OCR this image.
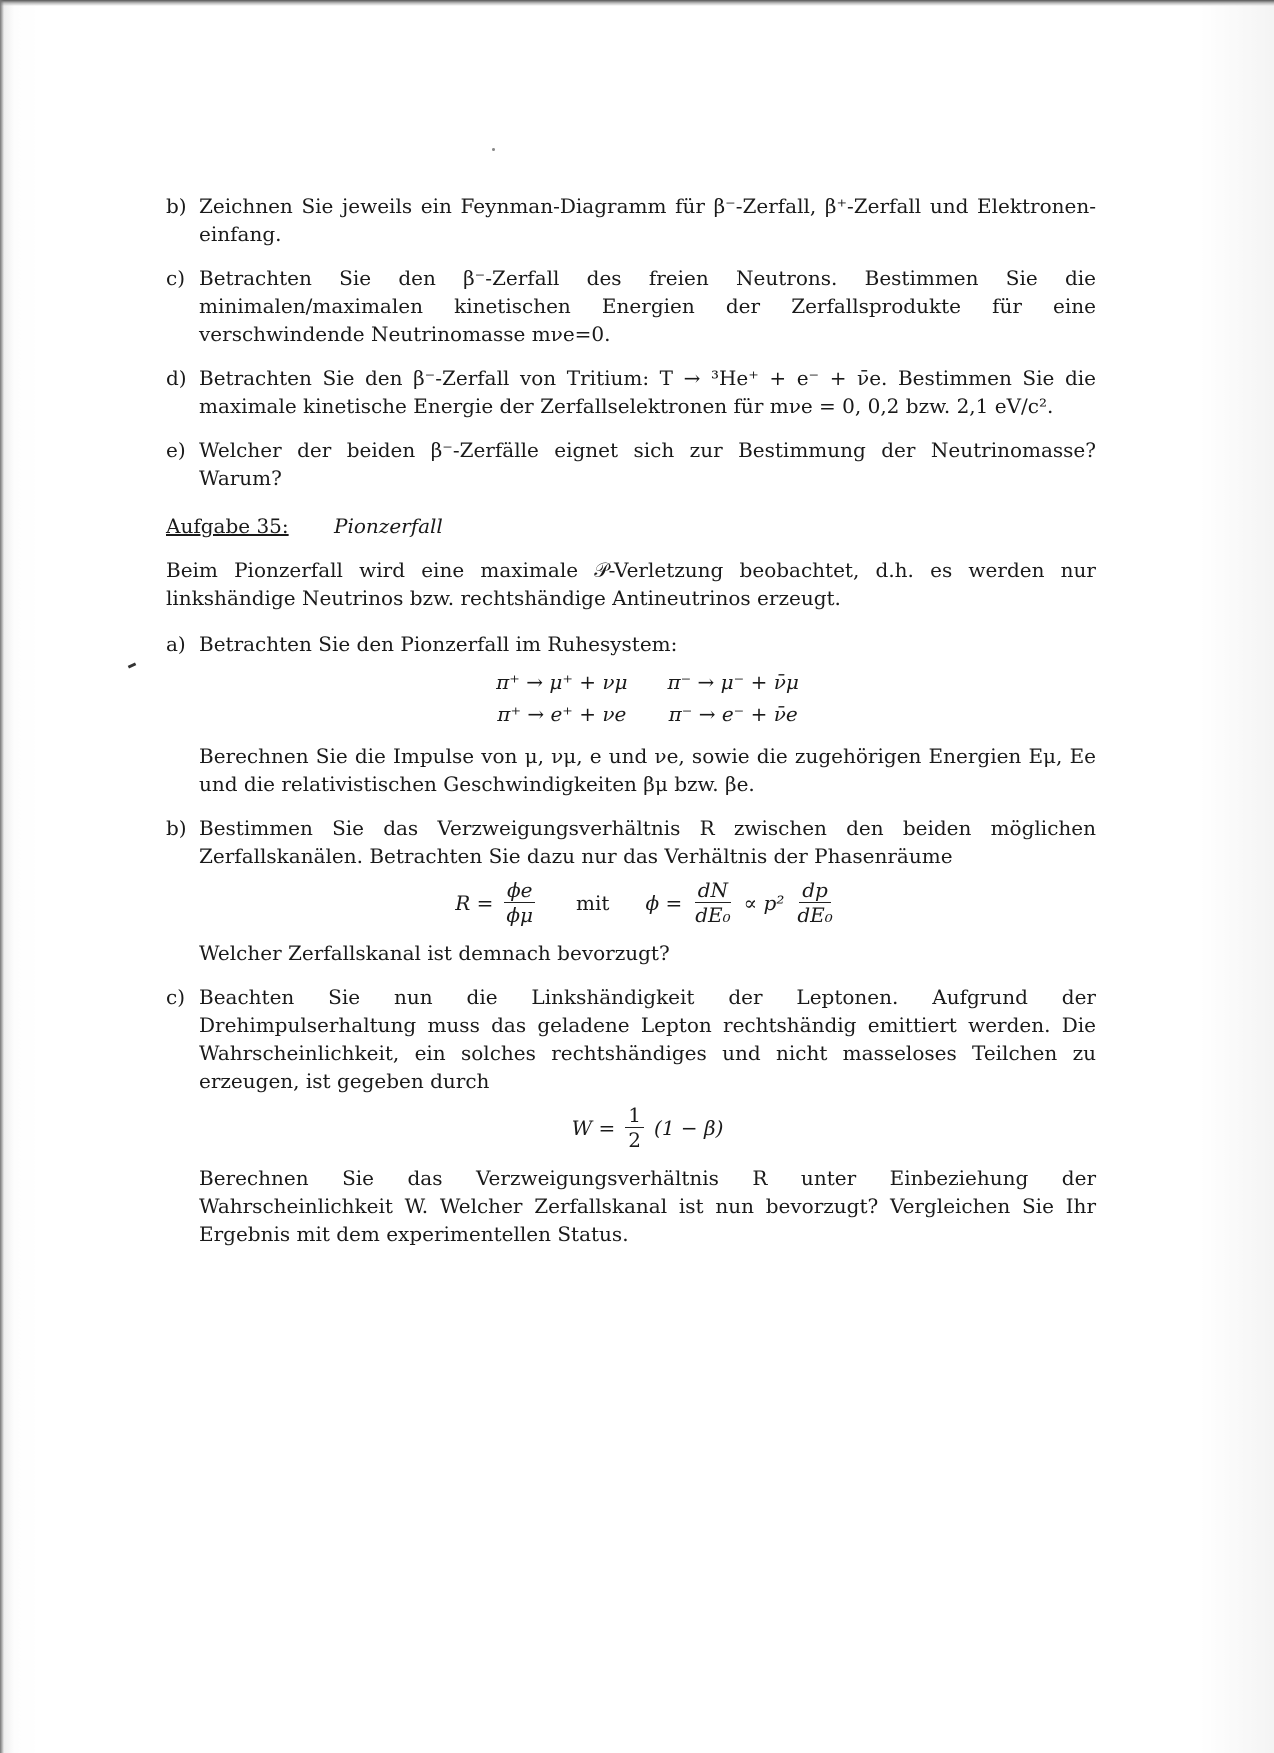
b) Zeichnen Sie jeweils ein Feynman-Diagramm für β⁻-Zerfall, β⁺-Zerfall und Elektronen-einfang.
c) Betrachten Sie den β⁻-Zerfall des freien Neutrons. Bestimmen Sie die minimalen/maximalen kinetischen Energien der Zerfallsprodukte für eine verschwindende Neutrinomasse mνe=0.
d) Betrachten Sie den β⁻-Zerfall von Tritium: T → ³He⁺ + e⁻ + ν̄e. Bestimmen Sie die maximale kinetische Energie der Zerfallselektronen für mνe = 0, 0,2 bzw. 2,1 eV/c².
e) Welcher der beiden β⁻-Zerfälle eignet sich zur Bestimmung der Neutrinomasse? Warum?
Aufgabe 35:	Pionzerfall
Beim Pionzerfall wird eine maximale 𝒫-Verletzung beobachtet, d.h. es werden nur linkshändige Neutrinos bzw. rechtshändige Antineutrinos erzeugt.
a) Betrachten Sie den Pionzerfall im Ruhesystem:
π⁺ → μ⁺ + νμ π⁻ → μ⁻ + ν̄μ
π⁺ → e⁺ + νe π⁻ → e⁻ + ν̄e
Berechnen Sie die Impulse von μ, νμ, e und νe, sowie die zugehörigen Energien Eμ, Ee und die relativistischen Geschwindigkeiten βμ bzw. βe.
b) Bestimmen Sie das Verzweigungsverhältnis R zwischen den beiden möglichen Zerfallskanälen. Betrachten Sie dazu nur das Verhältnis der Phasenräume
$R = \frac{\phi e}{\phi\mu}$ mit $\phi = \frac{dN}{\text{dE₀}} \propto p^2 \frac{dp}{\text{dE₀}}$
Welcher Zerfallskanal ist demnach bevorzugt?
c) Beachten Sie nun die Linkshändigkeit der Leptonen. Aufgrund der Drehimpulserhaltung muss das geladene Lepton rechtshändig emittiert werden. Die Wahrscheinlichkeit, ein solches rechtshändiges und nicht masseloses Teilchen zu erzeugen, ist gegeben durch
$W = \frac{1}{2} (1 - \beta)$
Berechnen Sie das Verzweigungsverhältnis R unter Einbeziehung der Wahrscheinlichkeit W. Welcher Zerfallskanal ist nun bevorzugt? Vergleichen Sie Ihr Ergebnis mit dem experimentellen Status.
